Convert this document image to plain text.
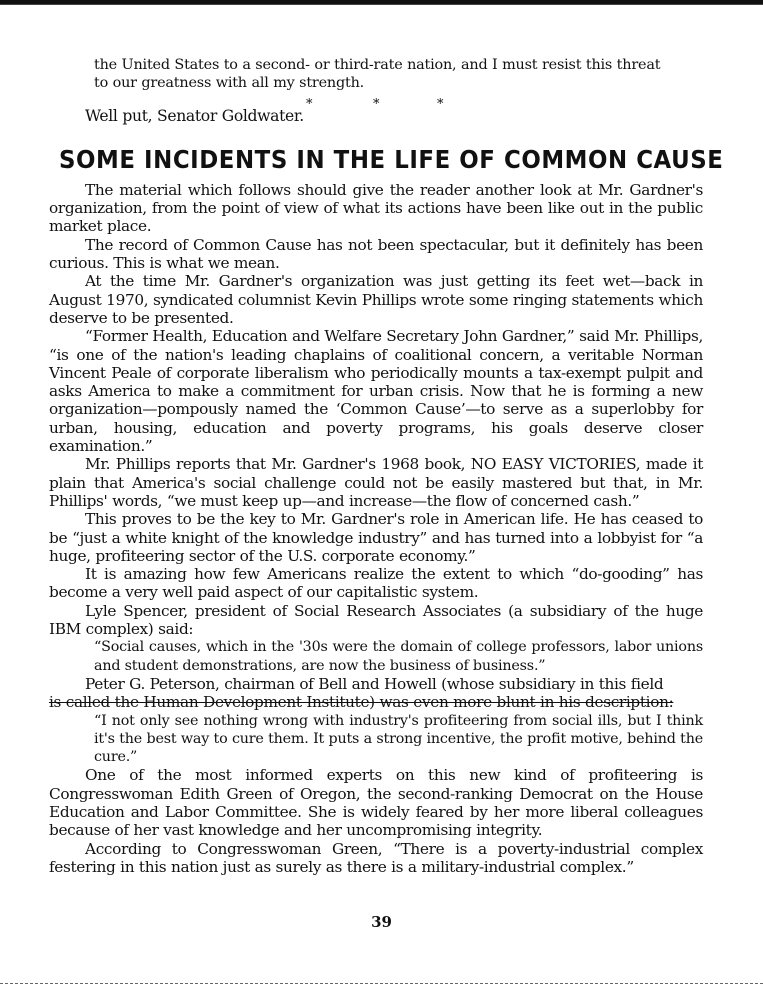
the United States to a second- or third-rate nation, and I must resist this threat
to our greatness with all my strength.

*	*	*

Well put, Senator Goldwater.

SOME INCIDENTS IN THE LIFE OF COMMON CAUSE

The material which follows should give the reader another look at Mr. Gardner's organization, from the point of view of what its actions have been like out in the public market place.

The record of Common Cause has not been spectacular, but it definitely has been curious. This is what we mean.

At the time Mr. Gardner's organization was just getting its feet wet—back in August 1970, syndicated columnist Kevin Phillips wrote some ringing statements which deserve to be presented.

“Former Health, Education and Welfare Secretary John Gardner,” said Mr. Phillips, “is one of the nation's leading chaplains of coalitional concern, a veritable Norman Vincent Peale of corporate liberalism who periodically mounts a tax-exempt pulpit and asks America to make a commitment for urban crisis. Now that he is forming a new organization—pompously named the ‘Common Cause’—to serve as a superlobby for urban, housing, education and poverty programs, his goals deserve closer examination.”

Mr. Phillips reports that Mr. Gardner's 1968 book, NO EASY VICTORIES, made it plain that America's social challenge could not be easily mastered but that, in Mr. Phillips' words, “we must keep up—and increase—the flow of concerned cash.”

This proves to be the key to Mr. Gardner's role in American life. He has ceased to be “just a white knight of the knowledge industry” and has turned into a lobbyist for “a huge, profiteering sector of the U.S. corporate economy.”

It is amazing how few Americans realize the extent to which “do-gooding” has become a very well paid aspect of our capitalistic system.

Lyle Spencer, president of Social Research Associates (a subsidiary of the huge IBM complex) said:

“Social causes, which in the '30s were the domain of college professors, labor unions and student demonstrations, are now the business of business.”

Peter G. Peterson, chairman of Bell and Howell (whose subsidiary in this field

is called the Human Development Institute) was even more blunt in his description:

“I not only see nothing wrong with industry's profiteering from social ills, but I think it's the best way to cure them. It puts a strong incentive, the profit motive, behind the cure.”

One of the most informed experts on this new kind of profiteering is Congresswoman Edith Green of Oregon, the second-ranking Democrat on the House Education and Labor Committee. She is widely feared by her more liberal colleagues because of her vast knowledge and her uncompromising integrity.

According to Congresswoman Green, “There is a poverty-industrial complex festering in this nation just as surely as there is a military-industrial complex.”

39
